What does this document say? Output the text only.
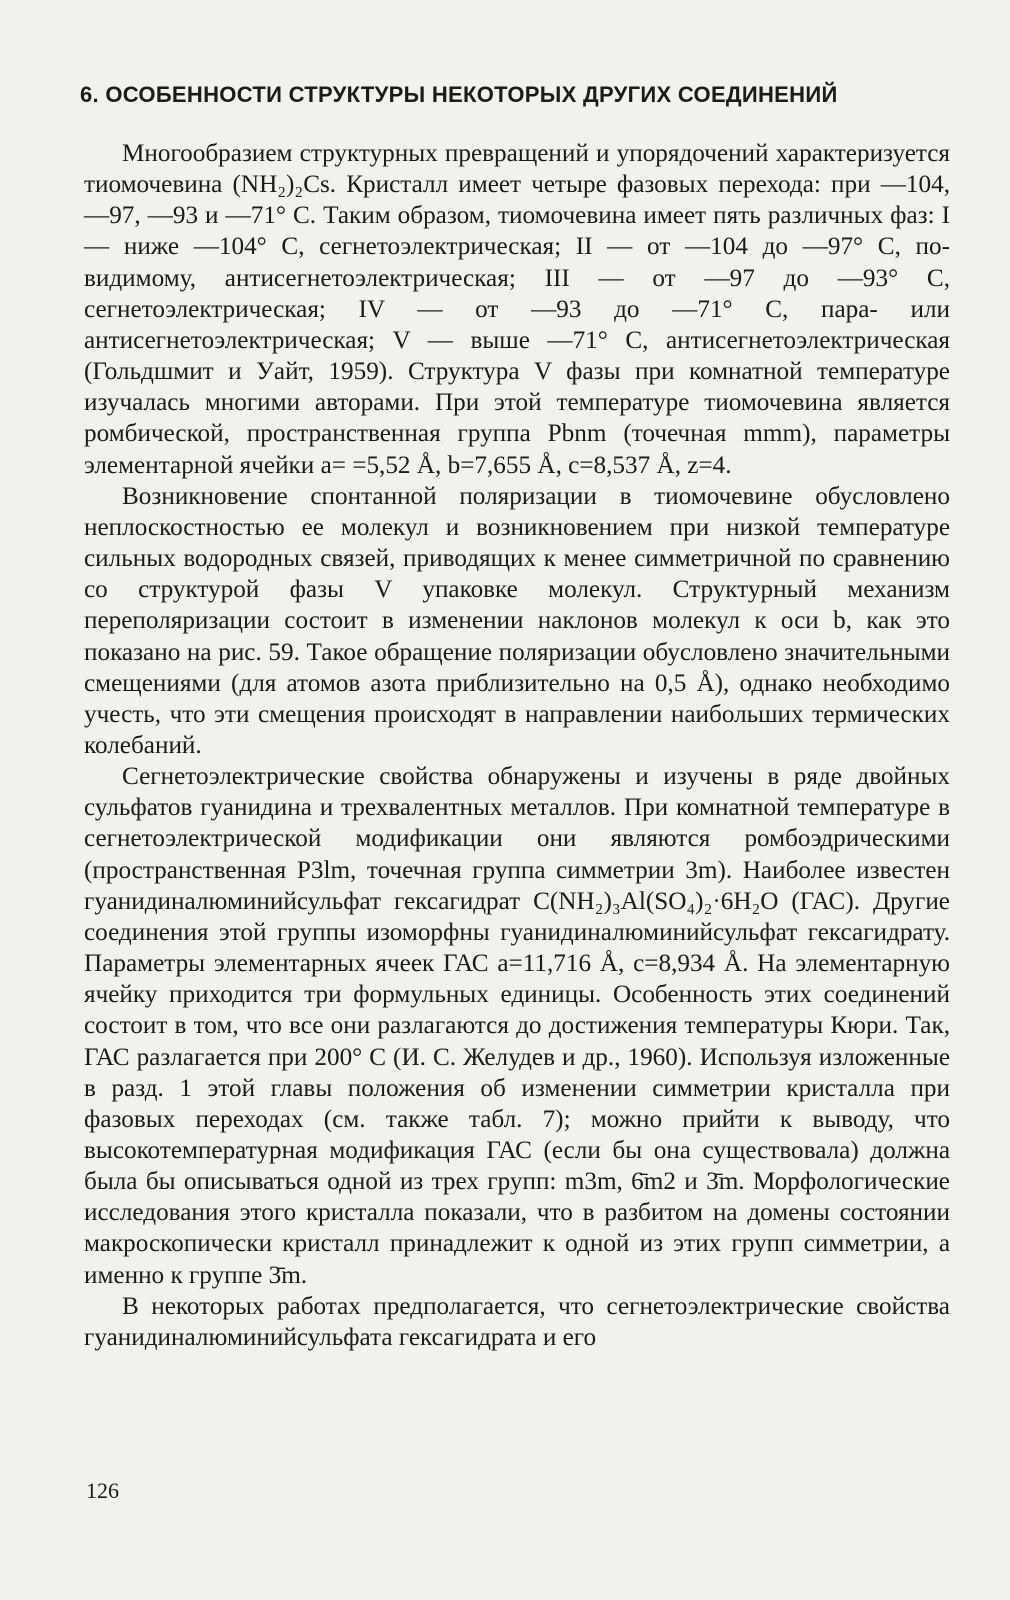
6. ОСОБЕННОСТИ СТРУКТУРЫ НЕКОТОРЫХ ДРУГИХ СОЕДИНЕНИЙ

Многообразием структурных превращений и упорядочений характеризуется тиомочевина (NH₂)₂Cs. Кристалл имеет четыре фазовых перехода: при —104, —97, —93 и —71° С. Таким образом, тиомочевина имеет пять различных фаз: I — ниже —104° С, сегнетоэлектрическая; II — от —104 до —97° С, по-видимому, антисегнетоэлектрическая; III — от —97 до —93° С, сегнетоэлектрическая; IV — от —93 до —71° С, пара- или антисегнетоэлектрическая; V — выше —71° С, антисегнетоэлектрическая (Гольдшмит и Уайт, 1959). Структура V фазы при комнатной температуре изучалась многими авторами. При этой температуре тиомочевина является ромбической, пространственная группа Pbnm (точечная mmm), параметры элементарной ячейки a= =5,52 Å, b=7,655 Å, c=8,537 Å, z=4.

Возникновение спонтанной поляризации в тиомочевине обусловлено неплоскостностью ее молекул и возникновением при низкой температуре сильных водородных связей, приводящих к менее симметричной по сравнению со структурой фазы V упаковке молекул. Структурный механизм переполяризации состоит в изменении наклонов молекул к оси b, как это показано на рис. 59. Такое обращение поляризации обусловлено значительными смещениями (для атомов азота приблизительно на 0,5 Å), однако необходимо учесть, что эти смещения происходят в направлении наибольших термических колебаний.

Сегнетоэлектрические свойства обнаружены и изучены в ряде двойных сульфатов гуанидина и трехвалентных металлов. При комнатной температуре в сегнетоэлектрической модификации они являются ромбоэдрическими (пространственная P3lm, точечная группа симметрии 3m). Наиболее известен гуанидиналюминийсульфат гексагидрат C(NH₂)₃Al(SO₄)₂·6H₂O (ГАС). Другие соединения этой группы изоморфны гуанидиналюминийсульфат гексагидрату. Параметры элементарных ячеек ГАС a=11,716 Å, c=8,934 Å. На элементарную ячейку приходится три формульных единицы. Особенность этих соединений состоит в том, что все они разлагаются до достижения температуры Кюри. Так, ГАС разлагается при 200° С (И. С. Желудев и др., 1960). Используя изложенные в разд. 1 этой главы положения об изменении симметрии кристалла при фазовых переходах (см. также табл. 7); можно прийти к выводу, что высокотемпературная модификация ГАС (если бы она существовала) должна была бы описываться одной из трех групп: m3m, 6̄m2 и 3̄m. Морфологические исследования этого кристалла показали, что в разбитом на домены состоянии макроскопически кристалл принадлежит к одной из этих групп симметрии, а именно к группе 3̄m.

В некоторых работах предполагается, что сегнетоэлектрические свойства гуанидиналюминийсульфата гексагидрата и его

126
